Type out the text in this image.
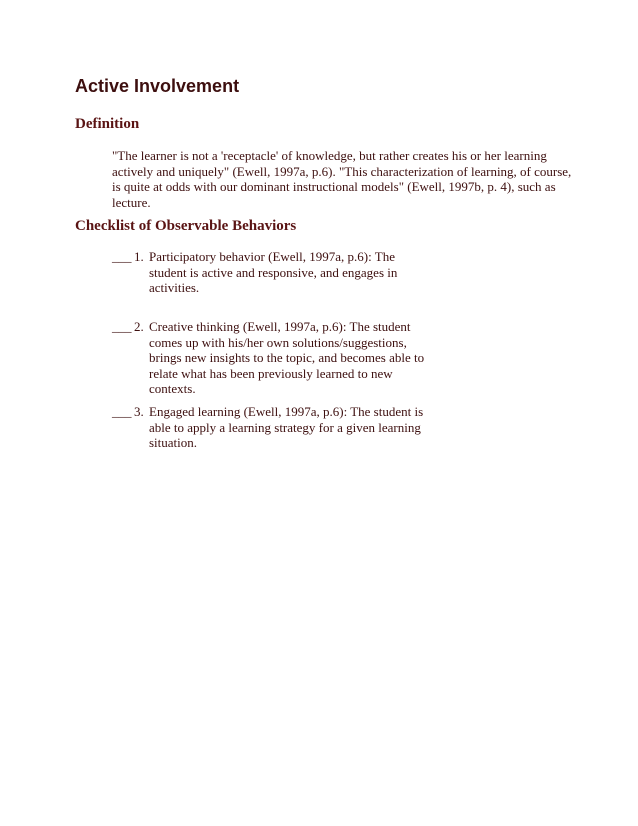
Active Involvement
Definition

"The learner is not a 'receptacle' of knowledge, but rather creates his or her learning
actively and uniquely" (Ewell, 1997a, p.6). "This characterization of learning, of course,
is quite at odds with our dominant instructional models" (Ewell, 1997b, p. 4), such as
lecture.

Checklist of Observable Behaviors
___ 1. Participatory behavior (Ewell, 1997a, p.6): The
student is active and responsive, and engages in
activities.
___ 2. Creative thinking (Ewell, 1997a, p.6): The student
comes up with his/her own solutions/suggestions,
brings new insights to the topic, and becomes able to
relate what has been previously learned to new
contexts.
___ 3. Engaged learning (Ewell, 1997a, p.6): The student is
able to apply a learning strategy for a given learning
situation.
